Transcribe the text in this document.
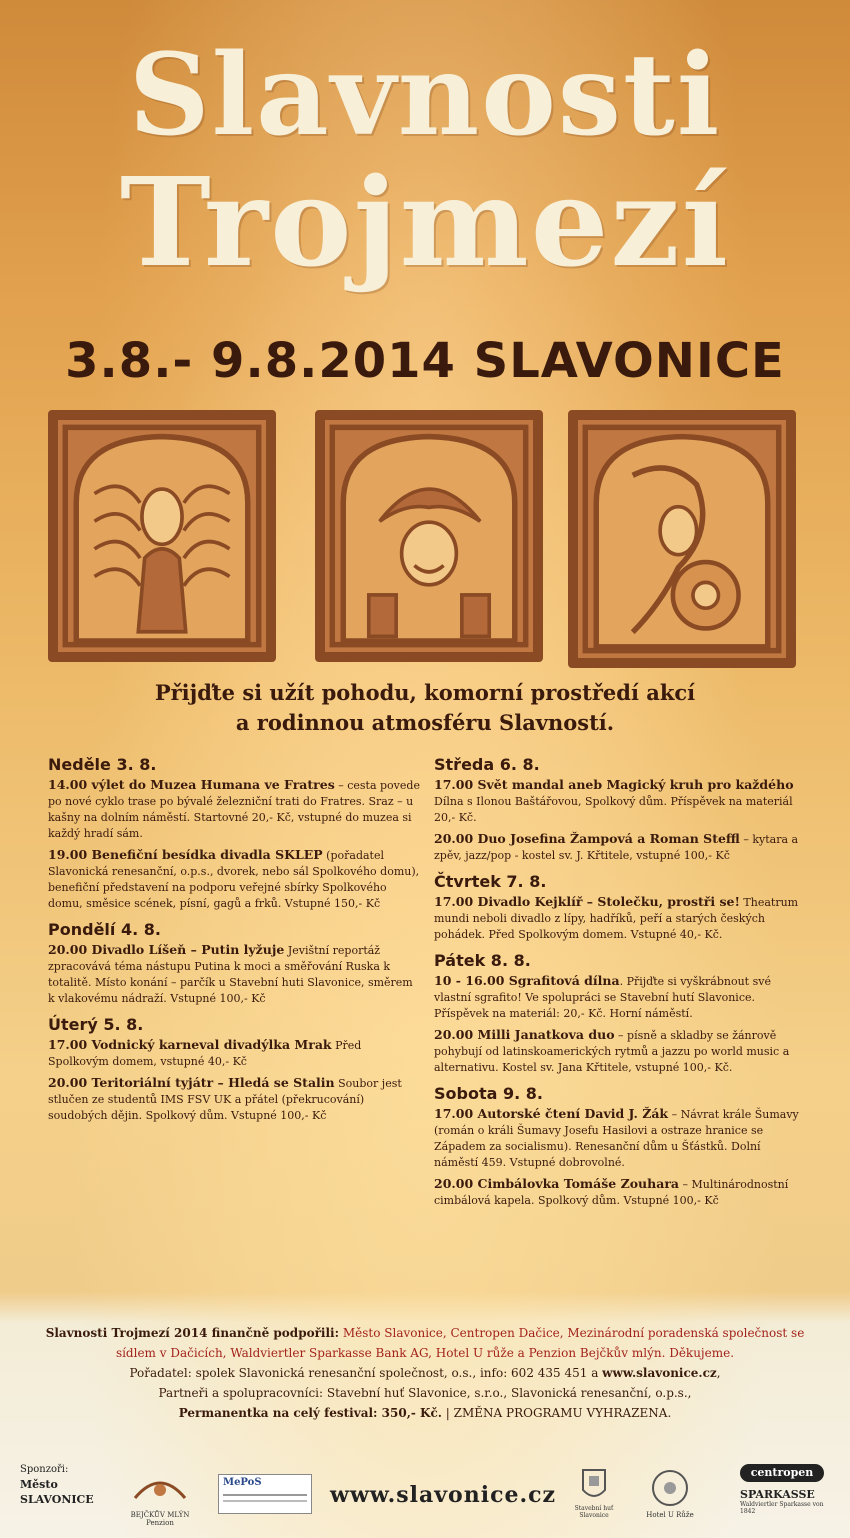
Slavnosti
Trojmezí
3.8.- 9.8.2014 SLAVONICE
Přijďte si užít pohodu, komorní prostředí akcí
a rodinnou atmosféru Slavností.
Neděle 3. 8.
14.00 výlet do Muzea Humana ve Fratres – cesta povede po nové cyklo trase po bývalé železniční trati do Fratres. Sraz – u kašny na dolním náměstí. Startovné 20,- Kč, vstupné do muzea si každý hradí sám.
19.00 Benefiční besídka divadla SKLEP (pořadatel Slavonická renesanční, o.p.s., dvorek, nebo sál Spolkového domu), benefiční představení na podporu veřejné sbírky Spolkového domu, směsice scének, písní, gagů a frků. Vstupné 150,- Kč
Pondělí 4. 8.
20.00 Divadlo Líšeň – Putin lyžuje Jevištní reportáž zpracovává téma nástupu Putina k moci a směřování Ruska k totalitě. Místo konání – parčík u Stavební huti Slavonice, směrem k vlakovému nádraží. Vstupné 100,- Kč
Úterý 5. 8.
17.00 Vodnický karneval divadýlka Mrak Před Spolkovým domem, vstupné 40,- Kč
20.00 Teritoriální tyjátr – Hledá se Stalin Soubor jest stlučen ze studentů IMS FSV UK a přátel (překrucování) soudobých dějin. Spolkový dům. Vstupné 100,- Kč
Středa 6. 8.
17.00 Svět mandal aneb Magický kruh pro každého Dílna s Ilonou Baštářovou, Spolkový dům. Příspěvek na materiál 20,- Kč.
20.00 Duo Josefina Žampová a Roman Steffl – kytara a zpěv, jazz/pop - kostel sv. J. Křtitele, vstupné 100,- Kč
Čtvrtek 7. 8.
17.00 Divadlo Kejklíř – Stolečku, prostři se! Theatrum mundi neboli divadlo z lípy, hadříků, peří a starých českých pohádek. Před Spolkovým domem. Vstupné 40,- Kč.
Pátek 8. 8.
10 - 16.00 Sgrafitová dílna. Přijďte si vyškrábnout své vlastní sgrafito! Ve spolupráci se Stavební hutí Slavonice. Příspěvek na materiál: 20,- Kč. Horní náměstí.
20.00 Milli Janatkova duo – písně a skladby se žánrově pohybují od latinskoamerických rytmů a jazzu po world music a alternativu. Kostel sv. Jana Křtitele, vstupné 100,- Kč.
Sobota 9. 8.
17.00 Autorské čtení David J. Žák – Návrat krále Šumavy (román o králi Šumavy Josefu Hasilovi a ostraze hranice se Západem za socialismu). Renesanční dům u Šťástků. Dolní náměstí 459. Vstupné dobrovolné.
20.00 Cimbálovka Tomáše Zouhara – Multinárodnostní cimbálová kapela. Spolkový dům. Vstupné 100,- Kč
Slavnosti Trojmezí 2014 finančně podpořili: Město Slavonice, Centropen Dačice, Mezinárodní poradenská společnost se sídlem v Dačicích, Waldviertler Sparkasse Bank AG, Hotel U růže a Penzion Bejčkův mlýn. Děkujeme.
Pořadatel: spolek Slavonická renesanční společnost, o.s., info: 602 435 451 a www.slavonice.cz,
Partneři a spolupracovníci: Stavební huť Slavonice, s.r.o., Slavonická renesanční, o.p.s.,
Permanentka na celý festival: 350,- Kč. | ZMĚNA PROGRAMU VYHRAZENA.
Sponzoři:
Město
SLAVONICE
BEJČKŮV MLÝN Penzion
MePoS	www.slavonice.cz
Stavební huť Slavonice	Hotel U Růže
centropen
SPARKASSE
Waldviertler Sparkasse von 1842
